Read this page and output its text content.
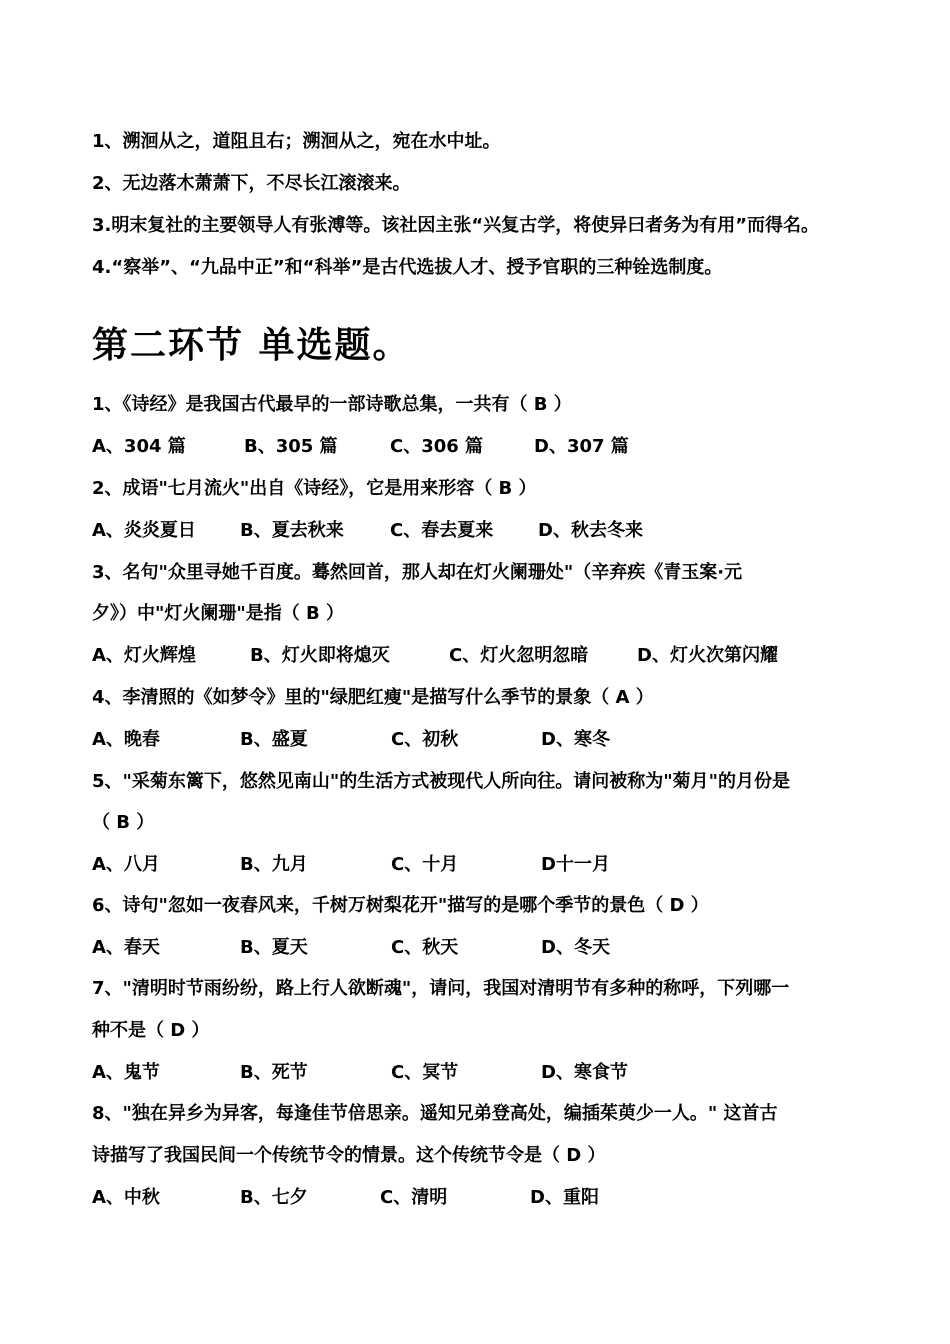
1、溯洄从之，道阻且右；溯洄从之，宛在水中址。
2、无边落木萧萧下，不尽长江滚滚来。
3.明末复社的主要领导人有张溥等。该社因主张“兴复古学，将使异曰者务为有用”而得名。
4.“察举”、“九品中正”和“科举”是古代选拔人才、授予官职的三种铨选制度。
第二环节 单选题。
1、《诗经》是我国古代最早的一部诗歌总集，一共有（ B ）
A、304 篇	B、305 篇	C、306 篇	D、307 篇
2、成语"七月流火"出自《诗经》，它是用来形容（ B ）
A、炎炎夏日 B、夏去秋来	C、春去夏来 D、秋去冬来
3、名句"众里寻她千百度。蓦然回首，那人却在灯火阑珊处"（辛弃疾《青玉案·元
夕》）中"灯火阑珊"是指（ B ）
A、灯火辉煌	B、灯火即将熄灭	C、灯火忽明忽暗	D、灯火次第闪耀
4、李清照的《如梦令》里的"绿肥红瘦"是描写什么季节的景象（ A ）
A、晚春	B、盛夏	C、初秋	D、寒冬
5、"采菊东篱下，悠然见南山"的生活方式被现代人所向往。请问被称为"菊月"的月份是
（ B ）
A、八月	B、九月	C、十月	D十一月
6、诗句"忽如一夜春风来，千树万树梨花开"描写的是哪个季节的景色（ D ）
A、春天	B、夏天	C、秋天	D、冬天
7、"清明时节雨纷纷，路上行人欲断魂"，请问，我国对清明节有多种的称呼，下列哪一
种不是（ D ）
A、鬼节	B、死节	C、冥节	D、寒食节
8、"独在异乡为异客，每逢佳节倍思亲。遥知兄弟登高处，编插茱萸少一人。" 这首古
诗描写了我国民间一个传统节令的情景。这个传统节令是（ D ）
A、中秋	B、七夕	C、清明	D、重阳
